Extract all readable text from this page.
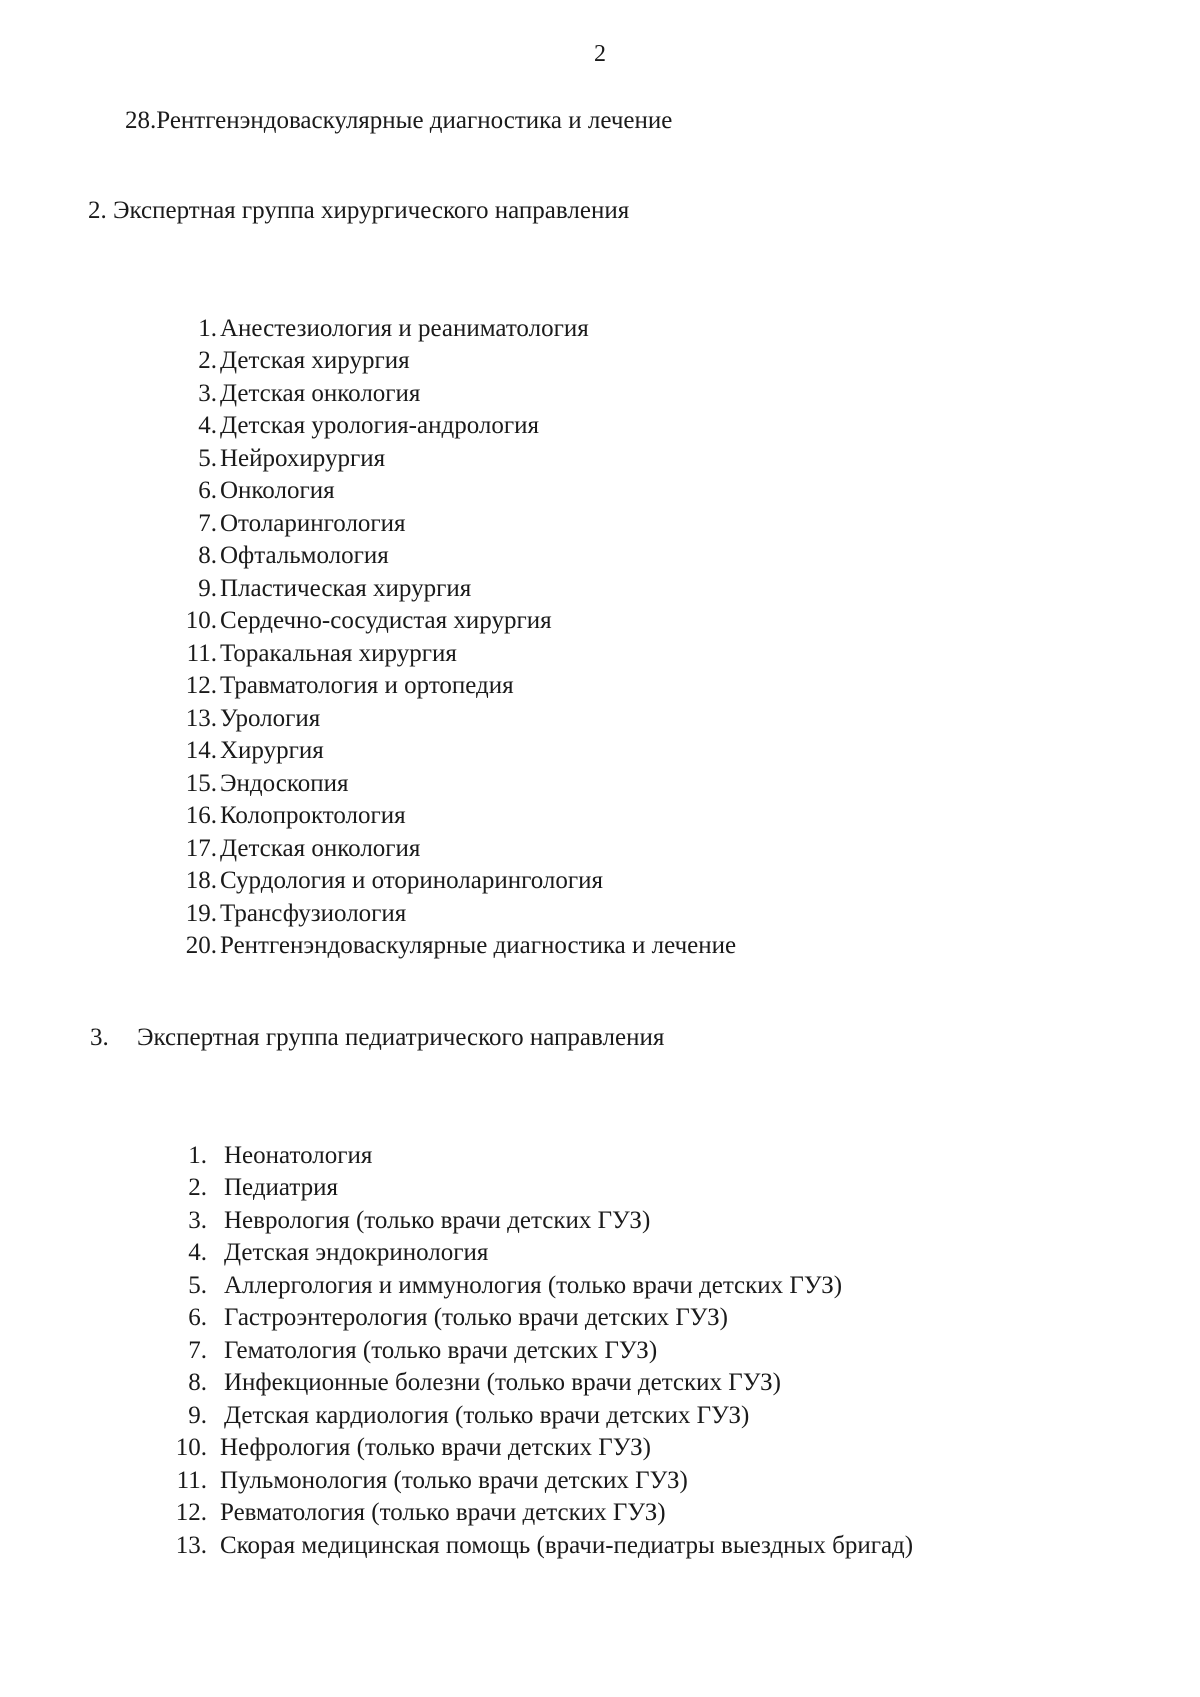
2
28.Рентгенэндоваскулярные диагностика и лечение
2. Экспертная группа хирургического направления
1. Анестезиология и реаниматология
2. Детская хирургия
3. Детская онкология
4. Детская урология-андрология
5. Нейрохирургия
6. Онкология
7. Отоларингология
8. Офтальмология
9. Пластическая хирургия
10. Сердечно-сосудистая хирургия
11. Торакальная хирургия
12. Травматология и ортопедия
13. Урология
14. Хирургия
15. Эндоскопия
16. Колопроктология
17. Детская онкология
18. Сурдология и оториноларингология
19. Трансфузиология
20. Рентгенэндоваскулярные диагностика и лечение
3. Экспертная группа педиатрического направления
1. Неонатология
2. Педиатрия
3. Неврология (только врачи детских ГУЗ)
4. Детская эндокринология
5. Аллергология и иммунология (только врачи детских ГУЗ)
6. Гастроэнтерология (только врачи детских ГУЗ)
7. Гематология (только врачи детских ГУЗ)
8. Инфекционные болезни (только врачи детских ГУЗ)
9. Детская кардиология (только врачи детских ГУЗ)
10. Нефрология (только врачи детских ГУЗ)
11. Пульмонология (только врачи детских ГУЗ)
12. Ревматология (только врачи детских ГУЗ)
13. Скорая медицинская помощь (врачи-педиатры выездных бригад)
